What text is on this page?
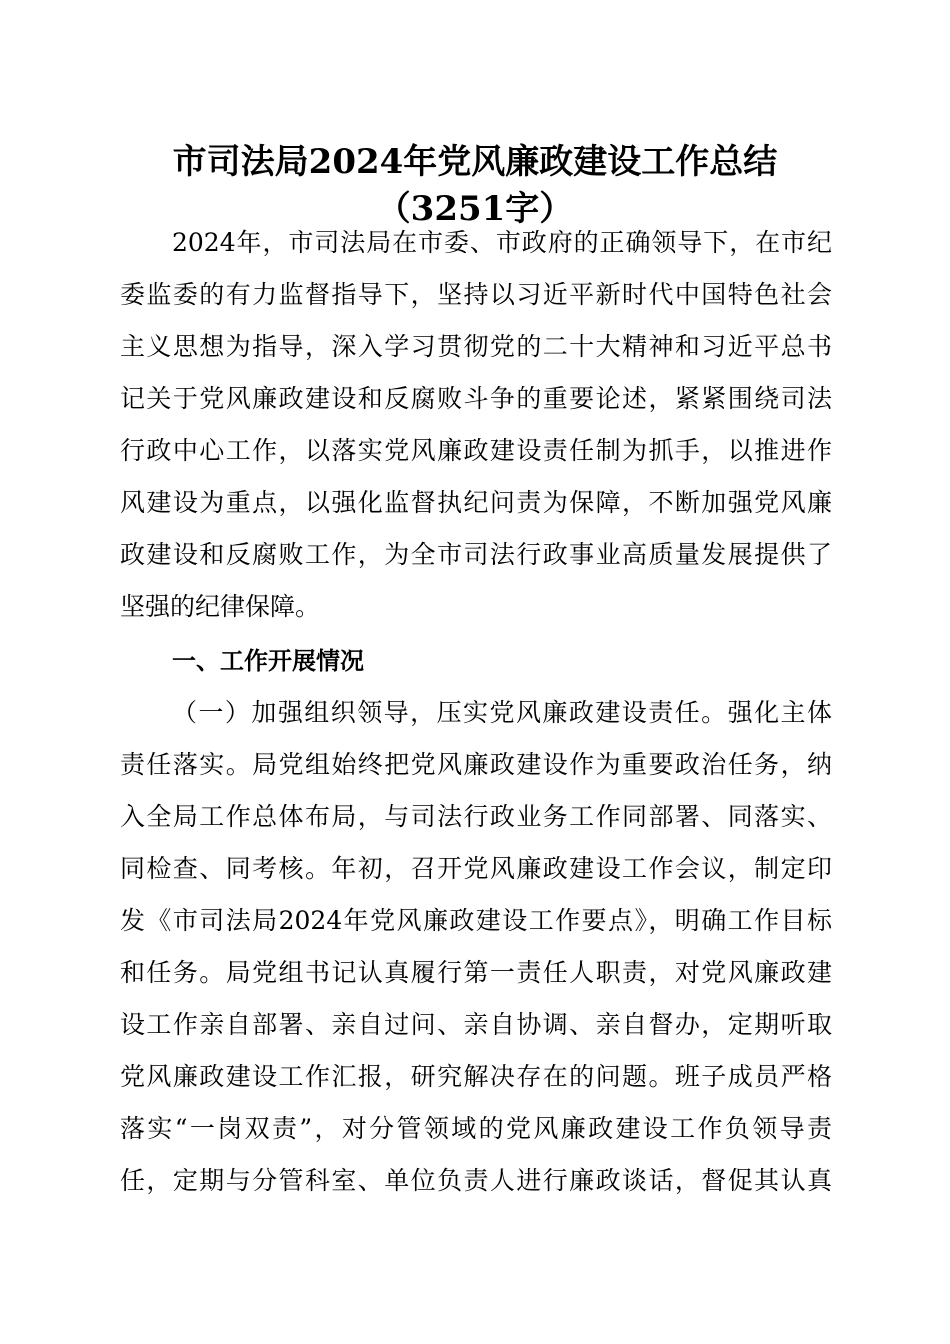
市司法局2024年党风廉政建设工作总结
（3251字）

2024年，市司法局在市委、市政府的正确领导下，在市纪

委监委的有力监督指导下，坚持以习近平新时代中国特色社会

主义思想为指导，深入学习贯彻党的二十大精神和习近平总书

记关于党风廉政建设和反腐败斗争的重要论述，紧紧围绕司法

行政中心工作，以落实党风廉政建设责任制为抓手，以推进作

风建设为重点，以强化监督执纪问责为保障，不断加强党风廉

政建设和反腐败工作，为全市司法行政事业高质量发展提供了

坚强的纪律保障。

一、工作开展情况

（一）加强组织领导，压实党风廉政建设责任。强化主体

责任落实。局党组始终把党风廉政建设作为重要政治任务，纳

入全局工作总体布局，与司法行政业务工作同部署、同落实、

同检查、同考核。年初，召开党风廉政建设工作会议，制定印

发《市司法局2024年党风廉政建设工作要点》，明确工作目标

和任务。局党组书记认真履行第一责任人职责，对党风廉政建

设工作亲自部署、亲自过问、亲自协调、亲自督办，定期听取

党风廉政建设工作汇报，研究解决存在的问题。班子成员严格

落实“一岗双责”，对分管领域的党风廉政建设工作负领导责

任，定期与分管科室、单位负责人进行廉政谈话，督促其认真
